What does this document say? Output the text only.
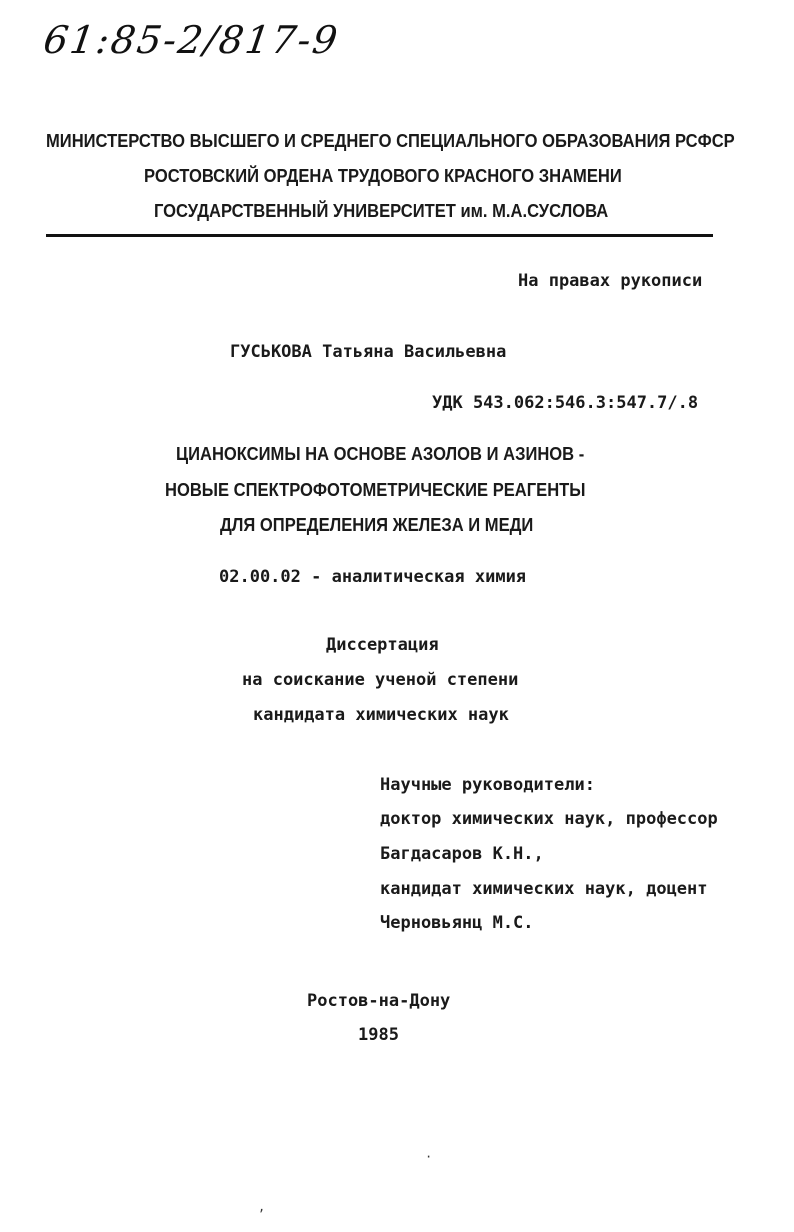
61:85-2/817-9
МИНИСТЕРСТВО ВЫСШЕГО И СРЕДНЕГО СПЕЦИАЛЬНОГО ОБРАЗОВАНИЯ РСФСР
РОСТОВСКИЙ ОРДЕНА ТРУДОВОГО КРАСНОГО ЗНАМЕНИ
ГОСУДАРСТВЕННЫЙ УНИВЕРСИТЕТ им. М.А.СУСЛОВА
На правах рукописи
ГУСЬКОВА Татьяна Васильевна
УДК 543.062:546.3:547.7/.8
ЦИАНОКСИМЫ НА ОСНОВЕ АЗОЛОВ И АЗИНОВ -
НОВЫЕ СПЕКТРОФОТОМЕТРИЧЕСКИЕ РЕАГЕНТЫ
ДЛЯ ОПРЕДЕЛЕНИЯ ЖЕЛЕЗА И МЕДИ
02.00.02 - аналитическая химия
Диссертация
на соискание ученой степени
кандидата химических наук
Научные руководители:
доктор химических наук, профессор
Багдасаров К.Н.,
кандидат химических наук, доцент
Черновьянц М.С.
Ростов-на-Дону
1985
·
,
